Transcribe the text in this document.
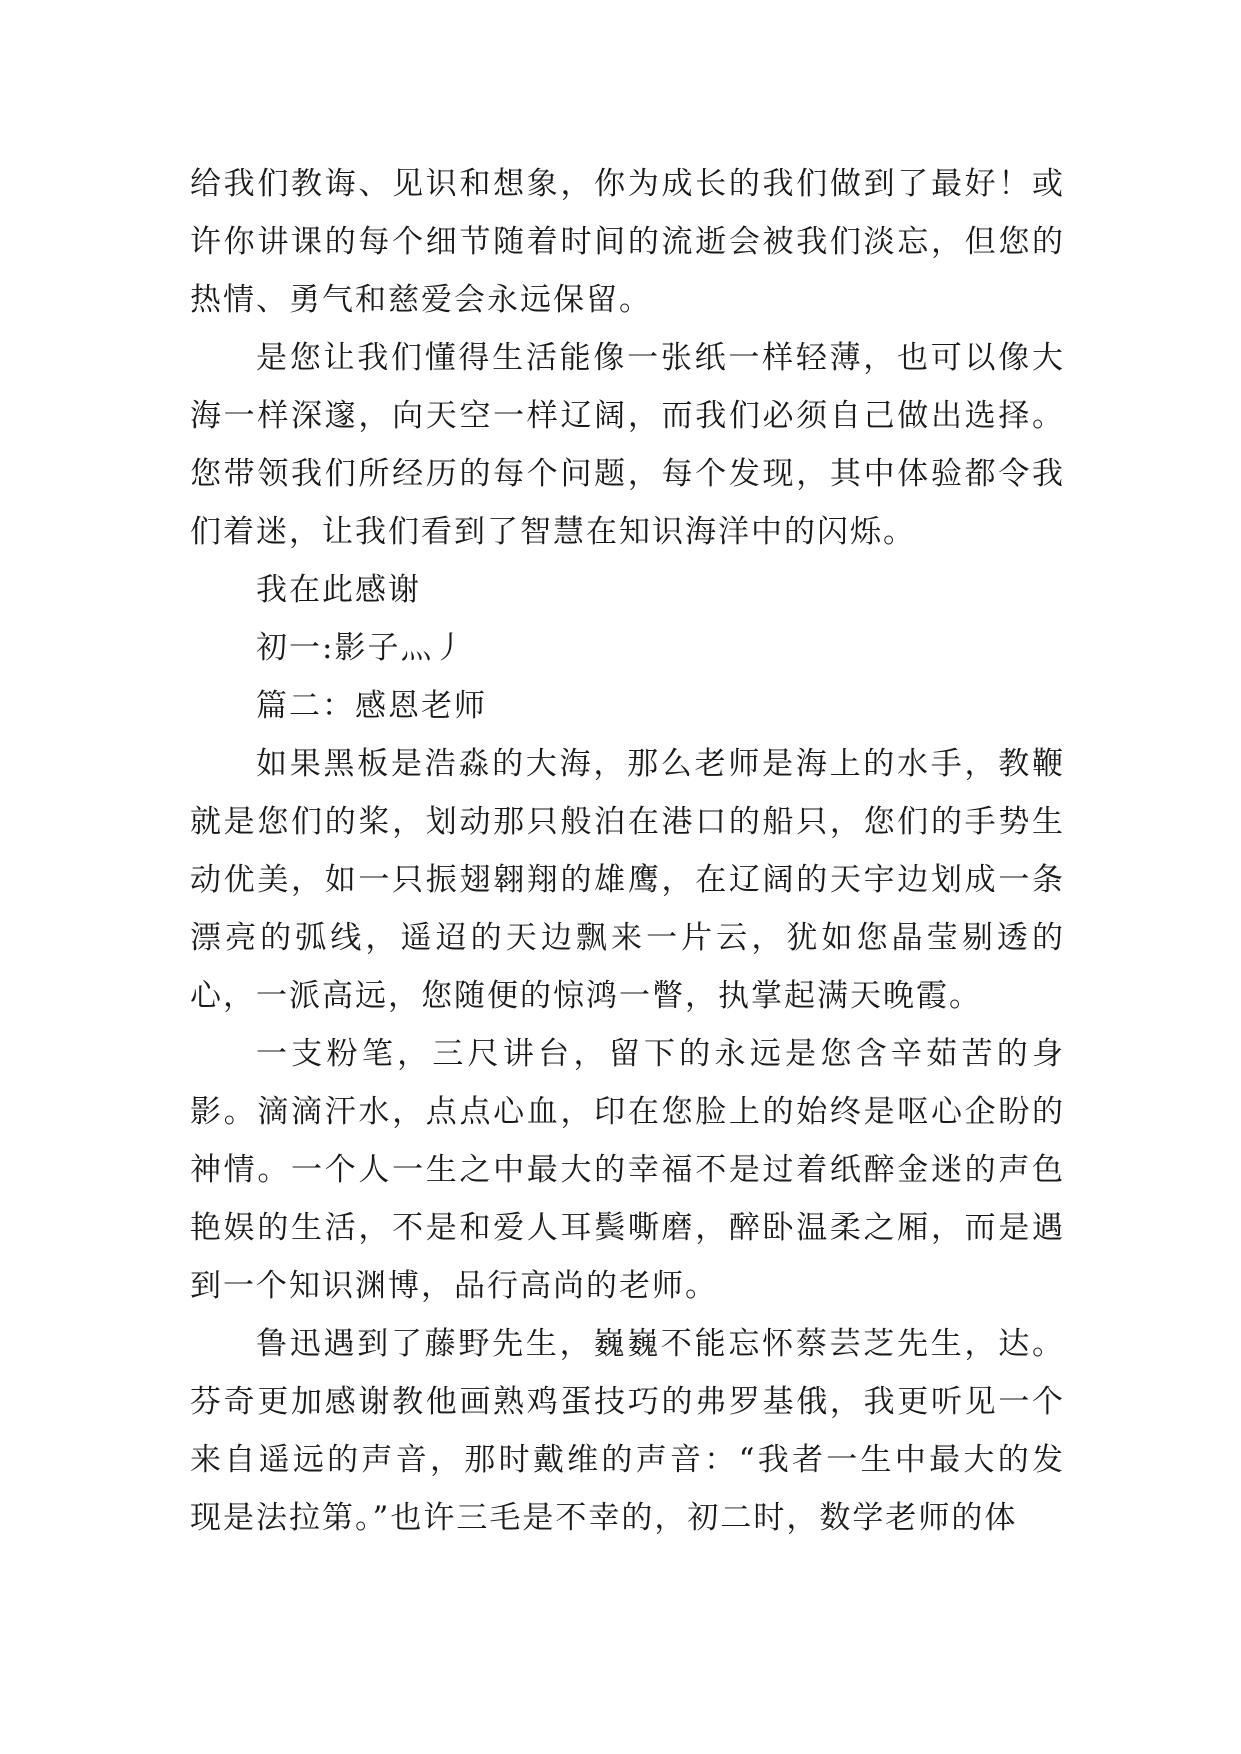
给我们教诲、见识和想象，你为成长的我们做到了最好！或许你讲课的每个细节随着时间的流逝会被我们淡忘，但您的热情、勇气和慈爱会永远保留。

是您让我们懂得生活能像一张纸一样轻薄，也可以像大海一样深邃，向天空一样辽阔，而我们必须自己做出选择。您带领我们所经历的每个问题，每个发现，其中体验都令我们着迷，让我们看到了智慧在知识海洋中的闪烁。

我在此感谢

初一:影子灬丿

篇二：感恩老师

如果黑板是浩淼的大海，那么老师是海上的水手，教鞭就是您们的桨，划动那只般泊在港口的船只，您们的手势生动优美，如一只振翅翱翔的雄鹰，在辽阔的天宇边划成一条漂亮的弧线，遥迢的天边飘来一片云，犹如您晶莹剔透的心，一派高远，您随便的惊鸿一瞥，执掌起满天晚霞。

一支粉笔，三尺讲台，留下的永远是您含辛茹苦的身影。滴滴汗水，点点心血，印在您脸上的始终是呕心企盼的神情。一个人一生之中最大的幸福不是过着纸醉金迷的声色艳娱的生活，不是和爱人耳鬓嘶磨，醉卧温柔之厢，而是遇到一个知识渊博，品行高尚的老师。

鲁迅遇到了藤野先生，巍巍不能忘怀蔡芸芝先生，达。芬奇更加感谢教他画熟鸡蛋技巧的弗罗基俄，我更听见一个来自遥远的声音，那时戴维的声音：“我者一生中最大的发现是法拉第。”也许三毛是不幸的，初二时，数学老师的体
